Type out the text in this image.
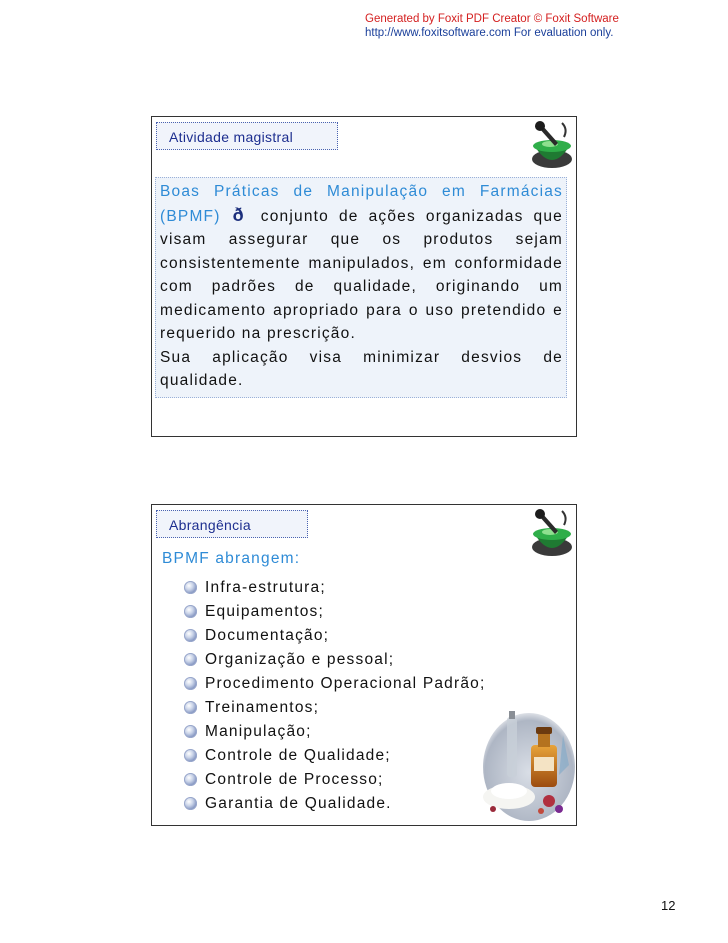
Generated by Foxit PDF Creator © Foxit Software
http://www.foxitsoftware.com For evaluation only.
Atividade magistral
Boas Práticas de Manipulação em Farmácias (BPMF) ð conjunto de ações organizadas que visam assegurar que os produtos sejam consistentemente manipulados, em conformidade com padrões de qualidade, originando um medicamento apropriado para o uso pretendido e requerido na prescrição.
Sua aplicação visa minimizar desvios de qualidade.
Abrangência
BPMF abrangem:
Infra-estrutura;
Equipamentos;
Documentação;
Organização e pessoal;
Procedimento Operacional Padrão;
Treinamentos;
Manipulação;
Controle de Qualidade;
Controle de Processo;
Garantia de Qualidade.
12
